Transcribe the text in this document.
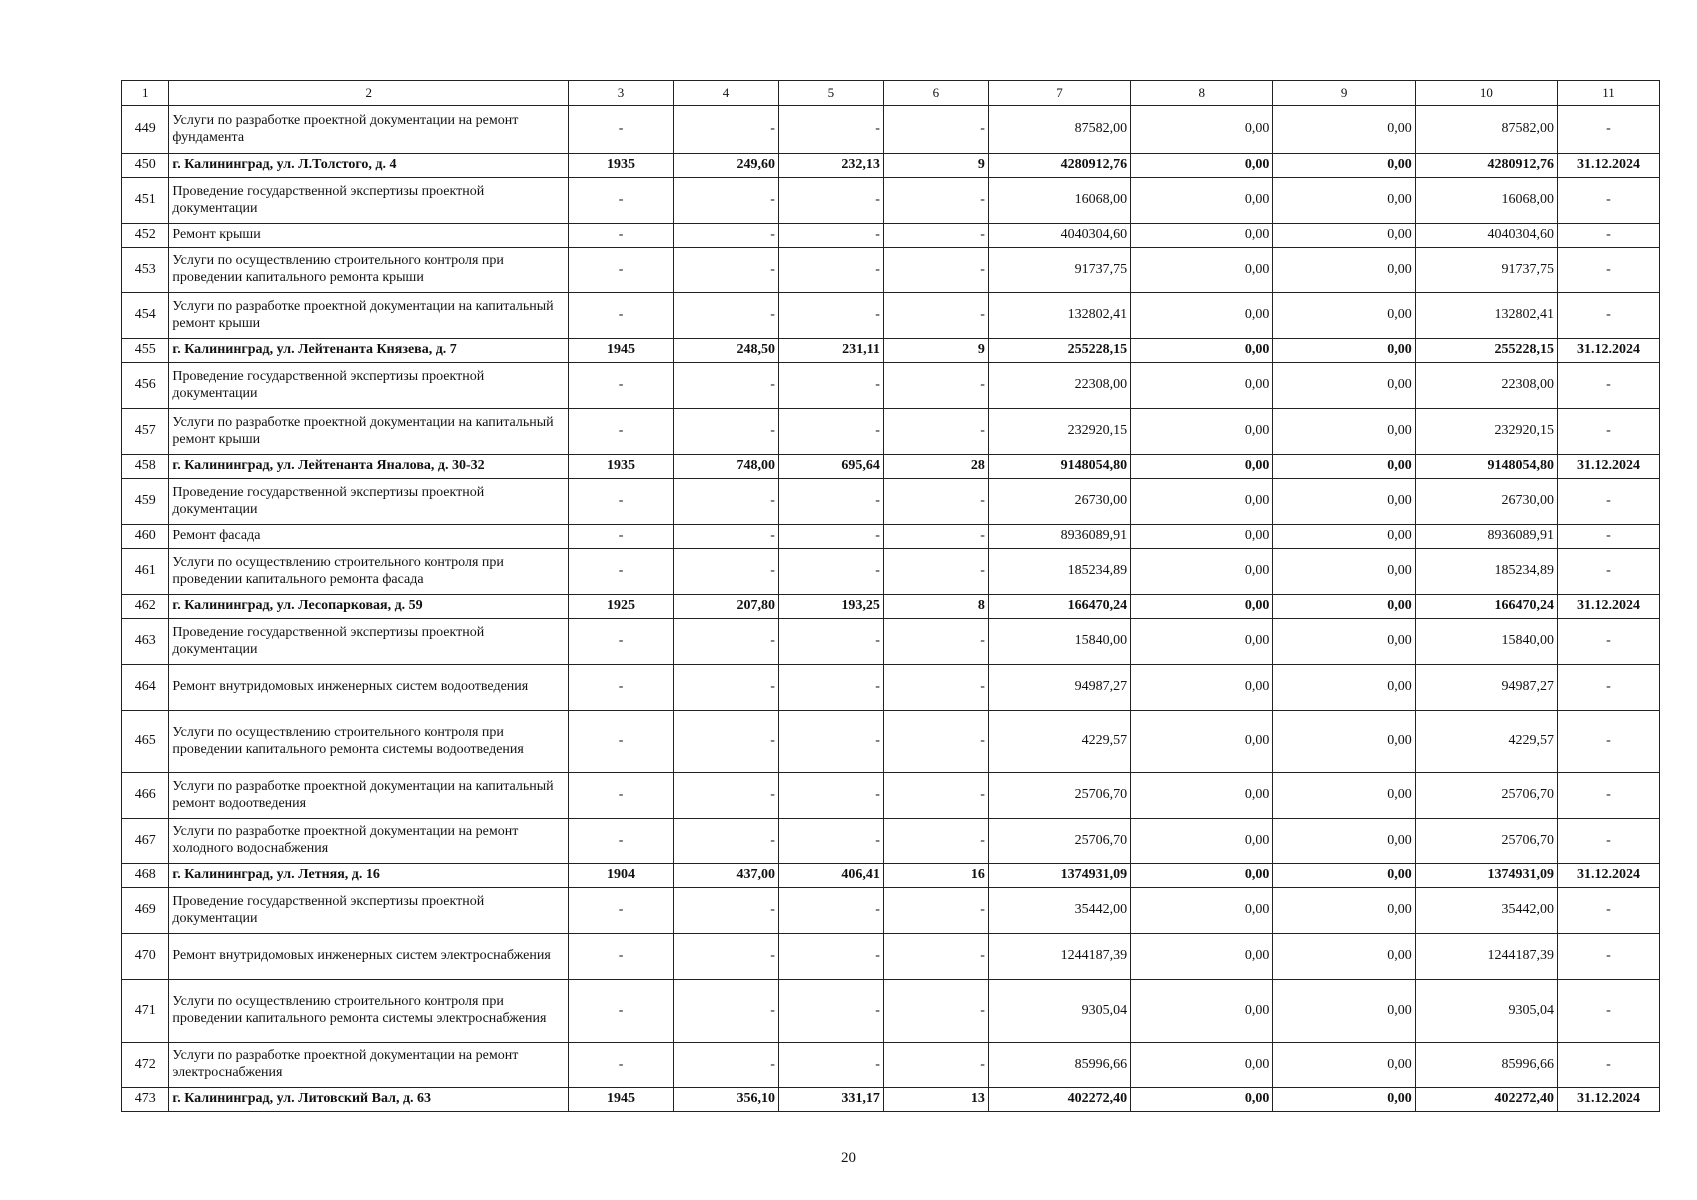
1	2	3	4	5	6	7	8	9	10	11
449	Услуги по разработке проектной документации на ремонт фундамента	-	-	-	-	87582,00	0,00	0,00	87582,00	-
450	г. Калининград, ул. Л.Толстого, д. 4	1935	249,60	232,13	9	4280912,76	0,00	0,00	4280912,76	31.12.2024
451	Проведение государственной экспертизы проектной документации	-	-	-	-	16068,00	0,00	0,00	16068,00	-
452	Ремонт крыши	-	-	-	-	4040304,60	0,00	0,00	4040304,60	-
453	Услуги по осуществлению строительного контроля при проведении капитального ремонта крыши	-	-	-	-	91737,75	0,00	0,00	91737,75	-
454	Услуги по разработке проектной документации на капитальный ремонт крыши	-	-	-	-	132802,41	0,00	0,00	132802,41	-
455	г. Калининград, ул. Лейтенанта Князева, д. 7	1945	248,50	231,11	9	255228,15	0,00	0,00	255228,15	31.12.2024
456	Проведение государственной экспертизы проектной документации	-	-	-	-	22308,00	0,00	0,00	22308,00	-
457	Услуги по разработке проектной документации на капитальный ремонт крыши	-	-	-	-	232920,15	0,00	0,00	232920,15	-
458	г. Калининград, ул. Лейтенанта Яналова, д. 30-32	1935	748,00	695,64	28	9148054,80	0,00	0,00	9148054,80	31.12.2024
459	Проведение государственной экспертизы проектной документации	-	-	-	-	26730,00	0,00	0,00	26730,00	-
460	Ремонт фасада	-	-	-	-	8936089,91	0,00	0,00	8936089,91	-
461	Услуги по осуществлению строительного контроля при проведении капитального ремонта фасада	-	-	-	-	185234,89	0,00	0,00	185234,89	-
462	г. Калининград, ул. Лесопарковая, д. 59	1925	207,80	193,25	8	166470,24	0,00	0,00	166470,24	31.12.2024
463	Проведение государственной экспертизы проектной документации	-	-	-	-	15840,00	0,00	0,00	15840,00	-
464	Ремонт внутридомовых инженерных систем водоотведения	-	-	-	-	94987,27	0,00	0,00	94987,27	-
465	Услуги по осуществлению строительного контроля при проведении капитального ремонта системы водоотведения	-	-	-	-	4229,57	0,00	0,00	4229,57	-
466	Услуги по разработке проектной документации на капитальный ремонт водоотведения	-	-	-	-	25706,70	0,00	0,00	25706,70	-
467	Услуги по разработке проектной документации на ремонт холодного водоснабжения	-	-	-	-	25706,70	0,00	0,00	25706,70	-
468	г. Калининград, ул. Летняя, д. 16	1904	437,00	406,41	16	1374931,09	0,00	0,00	1374931,09	31.12.2024
469	Проведение государственной экспертизы проектной документации	-	-	-	-	35442,00	0,00	0,00	35442,00	-
470	Ремонт внутридомовых инженерных систем электроснабжения	-	-	-	-	1244187,39	0,00	0,00	1244187,39	-
471	Услуги по осуществлению строительного контроля при проведении капитального ремонта системы электроснабжения	-	-	-	-	9305,04	0,00	0,00	9305,04	-
472	Услуги по разработке проектной документации на ремонт электроснабжения	-	-	-	-	85996,66	0,00	0,00	85996,66	-
473	г. Калининград, ул. Литовский Вал, д. 63	1945	356,10	331,17	13	402272,40	0,00	0,00	402272,40	31.12.2024
20
